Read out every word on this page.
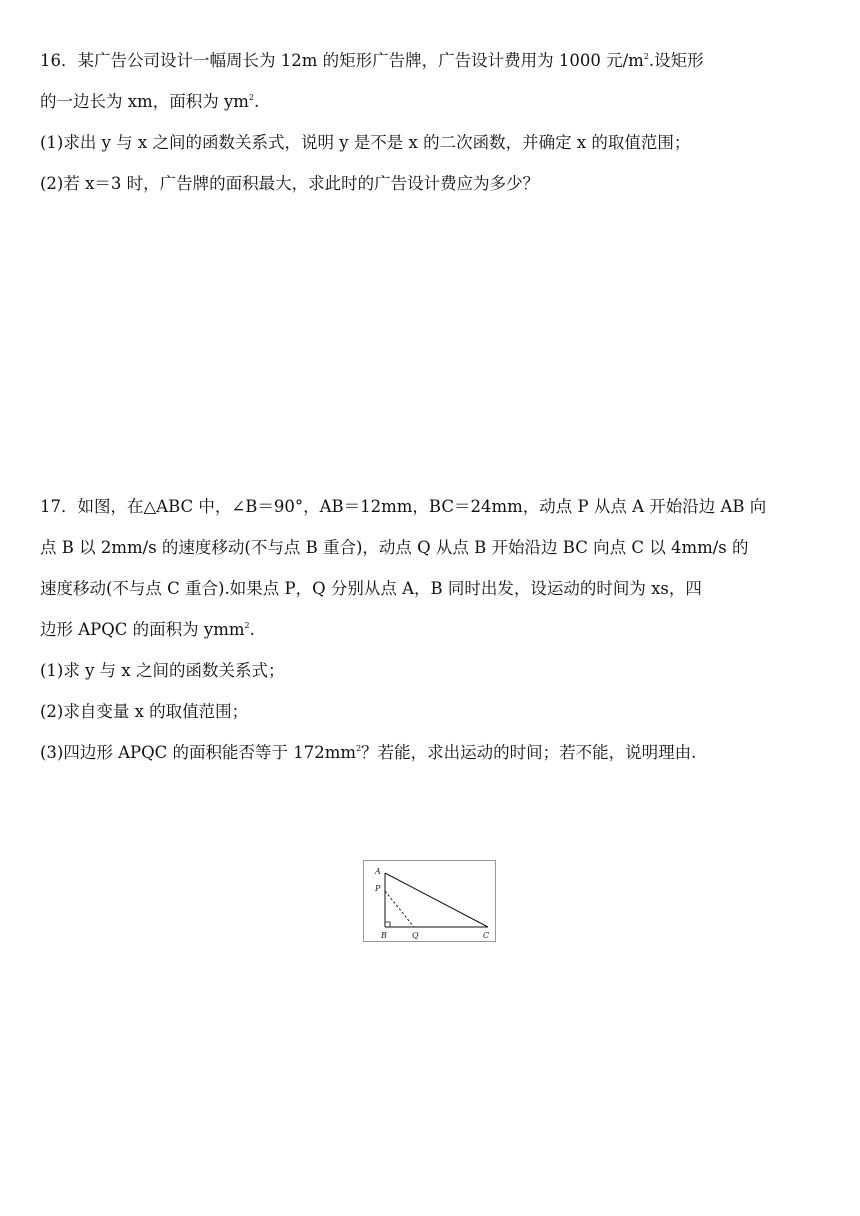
16．某广告公司设计一幅周长为 12m 的矩形广告牌，广告设计费用为 1000 元$/m^2$.设矩形
的一边长为 xm，面积为 $ym^2$.
(1)求出 y 与 x 之间的函数关系式，说明 y 是不是 x 的二次函数，并确定 x 的取值范围；
(2)若 x＝3 时，广告牌的面积最大，求此时的广告设计费应为多少？
17．如图，在△ABC 中，∠B＝90°，AB＝12mm，BC＝24mm，动点 P 从点 A 开始沿边 AB 向
点 B 以 2mm/s 的速度移动(不与点 B 重合)，动点 Q 从点 B 开始沿边 BC 向点 C 以 4mm/s 的
速度移动(不与点 C 重合).如果点 P，Q 分别从点 A，B 同时出发，设运动的时间为 xs，四
边形 APQC 的面积为 ymm$^2$.
(1)求 y 与 x 之间的函数关系式；
(2)求自变量 x 的取值范围；
(3)四边形 APQC 的面积能否等于 $172mm^2$？若能，求出运动的时间；若不能，说明理由.
A
P
B	Q	C
